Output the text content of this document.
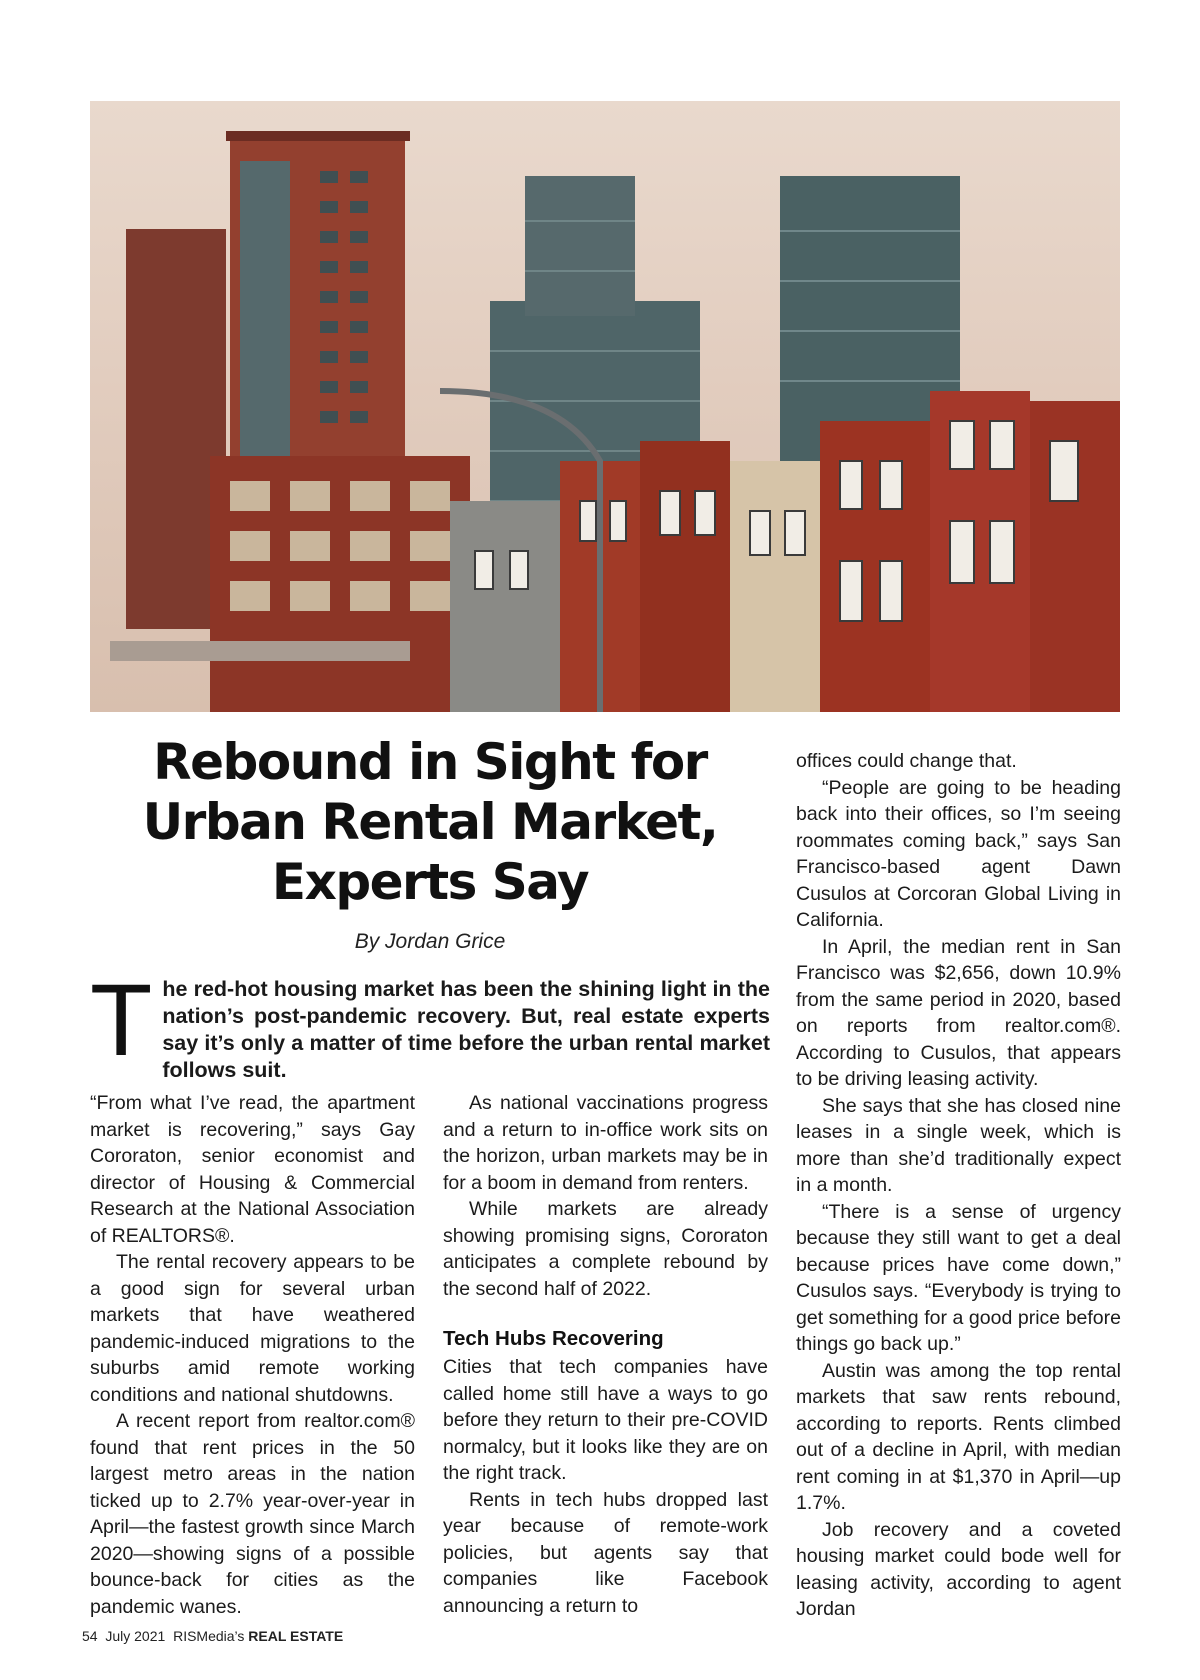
Rebound in Sight for Urban Rental Market, Experts Say
By Jordan Grice
T he red-hot housing market has been the shining light in the nation’s post-pandemic recovery. But, real estate experts say it’s only a matter of time before the urban rental market follows suit.

“From what I’ve read, the apartment market is recovering,” says Gay Cororaton, senior economist and director of Housing & Commercial Research at the National Association of REALTORS®.

The rental recovery appears to be a good sign for several urban markets that have weathered pandemic-induced migrations to the suburbs amid remote working conditions and national shutdowns.

A recent report from realtor.com® found that rent prices in the 50 largest metro areas in the nation ticked up to 2.7% year-over-year in April—the fastest growth since March 2020—showing signs of a possible bounce-back for cities as the pandemic wanes.

As national vaccinations progress and a return to in-office work sits on the horizon, urban markets may be in for a boom in demand from renters.

While markets are already showing promising signs, Cororaton anticipates a complete rebound by the second half of 2022.

Tech Hubs Recovering

Cities that tech companies have called home still have a ways to go before they return to their pre-COVID normalcy, but it looks like they are on the right track.

Rents in tech hubs dropped last year because of remote-work policies, but agents say that companies like Facebook announcing a return to

offices could change that.

“People are going to be heading back into their offices, so I’m seeing roommates coming back,” says San Francisco-based agent Dawn Cusulos at Corcoran Global Living in California.

In April, the median rent in San Francisco was $2,656, down 10.9% from the same period in 2020, based on reports from realtor.com®. According to Cusulos, that appears to be driving leasing activity.

She says that she has closed nine leases in a single week, which is more than she’d traditionally expect in a month.

“There is a sense of urgency because they still want to get a deal because prices have come down,” Cusulos says. “Everybody is trying to get something for a good price before things go back up.”

Austin was among the top rental markets that saw rents rebound, according to reports. Rents climbed out of a decline in April, with median rent coming in at $1,370 in April—up 1.7%.

Job recovery and a coveted housing market could bode well for leasing activity, according to agent Jordan

54 July 2021 RISMedia’s REAL ESTATE
